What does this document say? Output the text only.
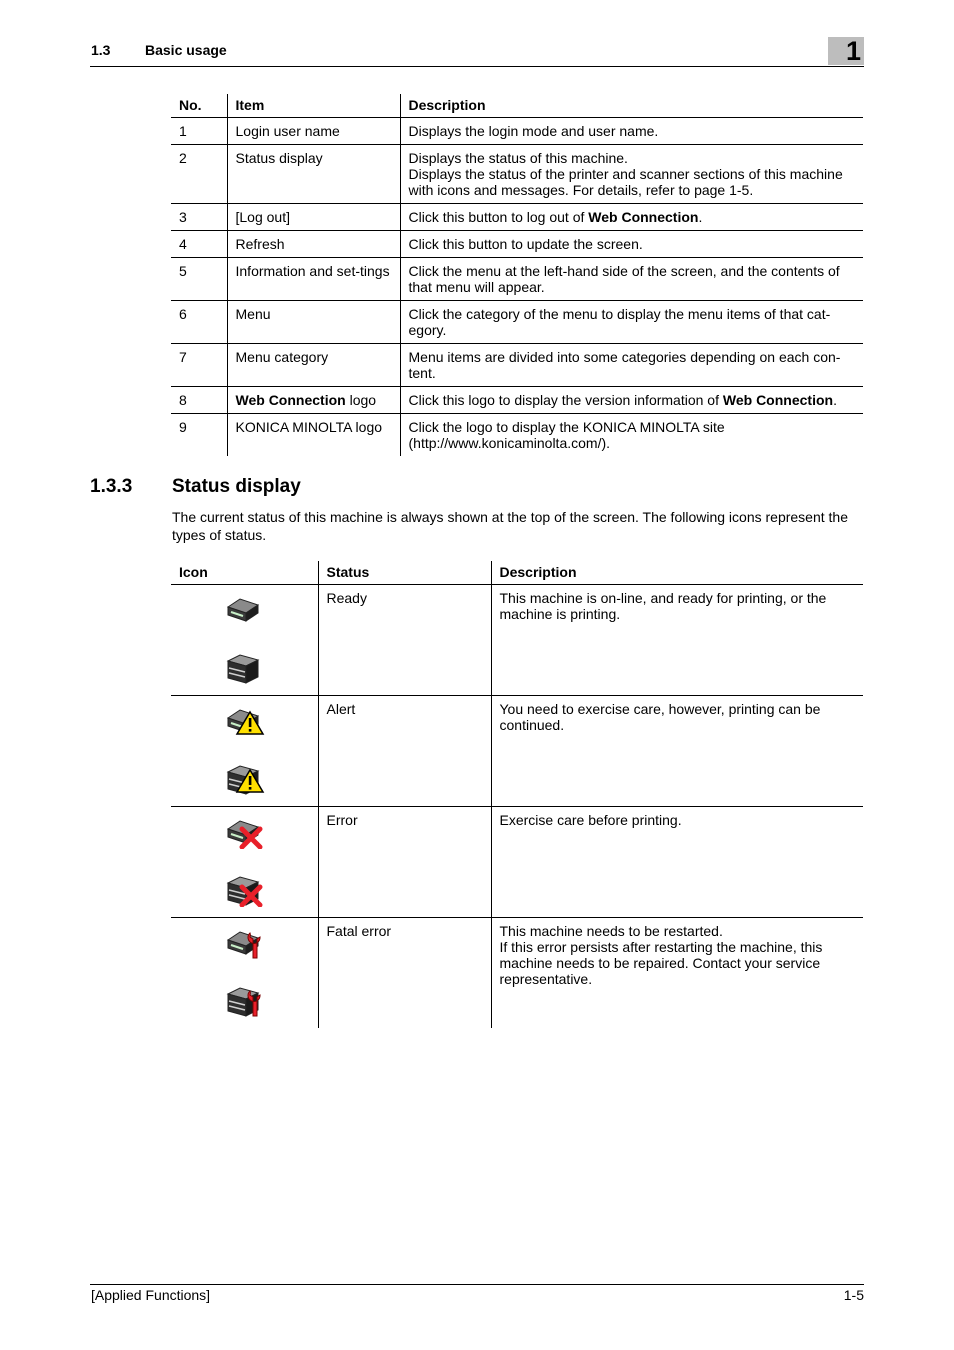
1.3 Basic usage	1
No.	Item	Description
1	Login user name	Displays the login mode and user name.
2	Status display	Displays the status of this machine.
Displays the status of the printer and scanner sections of this machine with icons and messages. For details, refer to page 1-5.

3	[Log out]	Click this button to log out of Web Connection.
4	Refresh	Click this button to update the screen.
5	Information and set-tings	Click the menu at the left-hand side of the screen, and the contents of that menu will appear.
6	Menu	Click the category of the menu to display the menu items of that cat-egory.
7	Menu category	Menu items are divided into some categories depending on each con-tent.
8	Web Connection logo	Click this logo to display the version information of Web Connection.
9	KONICA MINOLTA logo	Click the logo to display the KONICA MINOLTA site (http://www.konicaminolta.com/).
1.3.3 Status display
The current status of this machine is always shown at the top of the screen. The following icons represent the types of status.
Icon	Status	Description

	Ready	This machine is on-line, and ready for printing, or the machine is printing.

	Alert	You need to exercise care, however, printing can be continued.

	Error	Exercise care before printing.

	Fatal error	This machine needs to be restarted.
If this error persists after restarting the machine, this machine needs to be repaired. Contact your service representative.
[Applied Functions]	1-5
